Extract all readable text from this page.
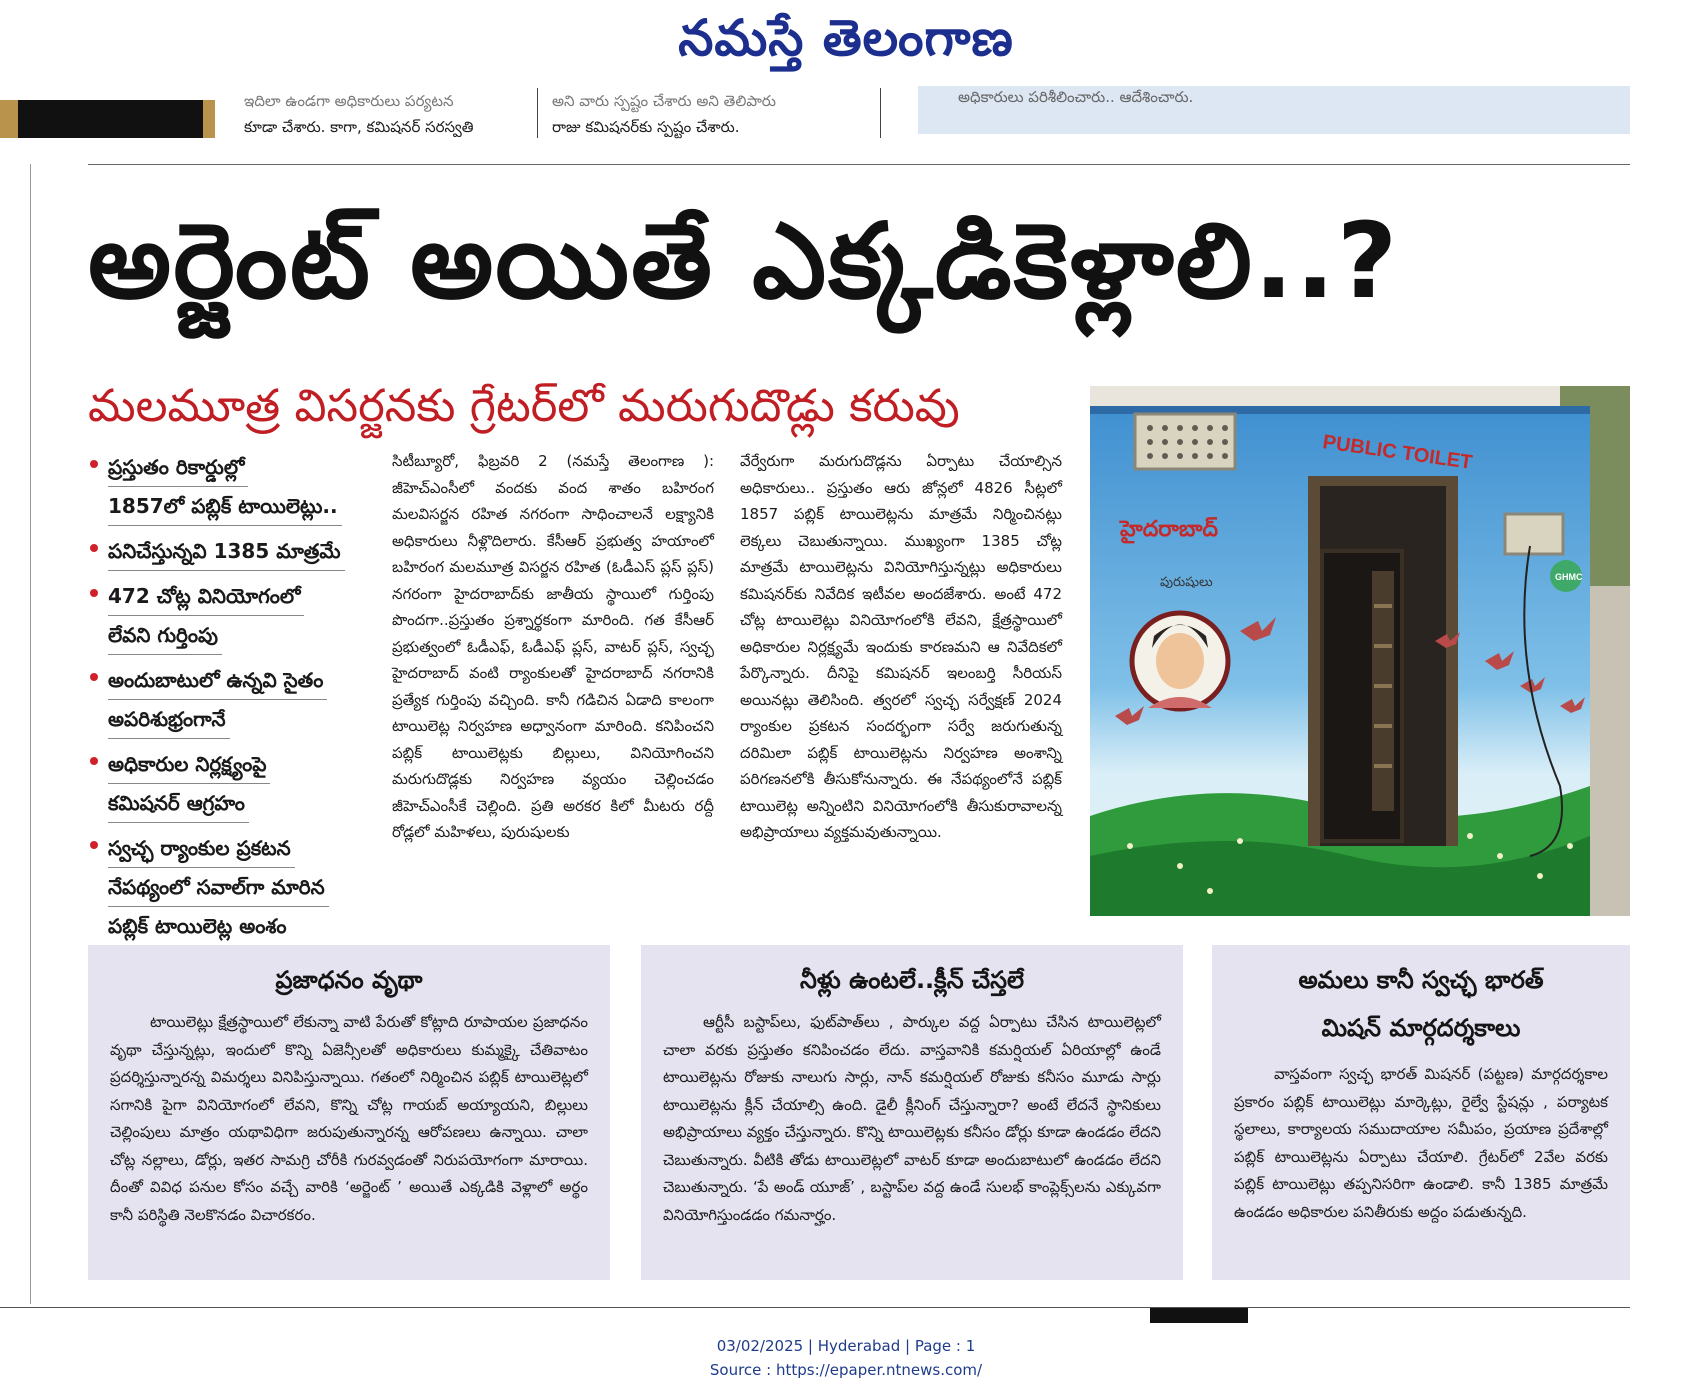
నమస్తే తెలంగాణ
ఇదిలా ఉండగా అధికారులు పర్యటన
కూడా చేశారు. కాగా, కమిషనర్ సరస్వతి
అని వారు స్పష్టం చేశారు అని తెలిపారు
రాజు కమిషనర్‌కు స్పష్టం చేశారు.
అధికారులు పరిశీలించారు.. ఆదేశించారు.
అర్జెంట్ అయితే ఎక్కడికెళ్లాలి..?
మలమూత్ర విసర్జనకు గ్రేటర్‌లో మరుగుదొడ్లు కరువు
ప్రస్తుతం రికార్డుల్లో
1857లో పబ్లిక్ టాయిలెట్లు..
పనిచేస్తున్నవి 1385 మాత్రమే
472 చోట్ల వినియోగంలో
లేవని గుర్తింపు
అందుబాటులో ఉన్నవి సైతం
అపరిశుభ్రంగానే
అధికారుల నిర్లక్ష్యంపై
కమిషనర్ ఆగ్రహం
స్వచ్ఛ ర్యాంకుల ప్రకటన
నేపథ్యంలో సవాల్‌గా మారిన
పబ్లిక్ టాయిలెట్ల అంశం
సిటీబ్యూరో, ఫిబ్రవరి 2 (నమస్తే తెలంగాణ ): జీహెచ్‌ఎంసీలో వందకు వంద శాతం బహిరంగ మలవిసర్జన రహిత నగరంగా సాధించాలనే లక్ష్యానికి అధికారులు నీళ్లొదిలారు. కేసీఆర్ ప్రభుత్వ హయాంలో బహిరంగ మలమూత్ర విసర్జన రహిత (ఓడీఎస్ ప్లస్ ప్లస్) నగరంగా హైదరాబాద్‌కు జాతీయ స్థాయిలో గుర్తింపు పొందగా..ప్రస్తుతం ప్రశ్నార్థకంగా మారింది. గత కేసీఆర్ ప్రభుత్వంలో ఓడీఎఫ్, ఓడీఎఫ్ ప్లస్, వాటర్ ప్లస్, స్వచ్ఛ హైదరాబాద్ వంటి ర్యాంకులతో హైదరాబాద్ నగరానికి ప్రత్యేక గుర్తింపు వచ్చింది. కానీ గడిచిన ఏడాది కాలంగా టాయిలెట్ల నిర్వహణ అధ్వానంగా మారింది. కనిపించని పబ్లిక్ టాయిలెట్లకు బిల్లులు, వినియోగించని మరుగుదొడ్లకు నిర్వహణ వ్యయం చెల్లించడం జీహెచ్‌ఎంసీకే చెల్లింది. ప్రతి అరకర కిలో మీటరు రద్దీ రోడ్లలో మహిళలు, పురుషులకు
వేర్వేరుగా మరుగుదొడ్లను ఏర్పాటు చేయాల్సిన అధికారులు.. ప్రస్తుతం ఆరు జోన్లలో 4826 సీట్లలో 1857 పబ్లిక్ టాయిలెట్లను మాత్రమే నిర్మించినట్లు లెక్కలు చెబుతున్నాయి. ముఖ్యంగా 1385 చోట్ల మాత్రమే టాయిలెట్లను వినియోగిస్తున్నట్లు అధికారులు కమిషనర్‌కు నివేదిక ఇటీవల అందజేశారు. అంటే 472 చోట్ల టాయిలెట్లు వినియోగంలోకి లేవని, క్షేత్రస్థాయిలో అధికారుల నిర్లక్ష్యమే ఇందుకు కారణమని ఆ నివేదికలో పేర్కొన్నారు. దీనిపై కమిషనర్ ఇలంబర్తి సీరియస్ అయినట్లు తెలిసింది. త్వరలో స్వచ్ఛ సర్వేక్షణ్ 2024 ర్యాంకుల ప్రకటన సందర్భంగా సర్వే జరుగుతున్న దరిమిలా పబ్లిక్ టాయిలెట్లను నిర్వహణ అంశాన్ని పరిగణనలోకి తీసుకోనున్నారు. ఈ నేపథ్యంలోనే పబ్లిక్ టాయిలెట్ల అన్నింటిని వినియోగంలోకి తీసుకురావాలన్న అభిప్రాయాలు వ్యక్తమవుతున్నాయి.
PUBLIC TOILET
హైదరాబాద్
పురుషులు	GHMC
ప్రజాధనం వృథా
టాయిలెట్లు క్షేత్రస్థాయిలో లేకున్నా వాటి పేరుతో కోట్లాది రూపాయల ప్రజాధనం వృథా చేస్తున్నట్లు, ఇందులో కొన్ని ఏజెన్సీలతో అధికారులు కుమ్మక్కై చేతివాటం ప్రదర్శిస్తున్నారన్న విమర్శలు వినిపిస్తున్నాయి. గతంలో నిర్మించిన పబ్లిక్ టాయిలెట్లలో సగానికి పైగా వినియోగంలో లేవని, కొన్ని చోట్ల గాయబ్ అయ్యాయని, బిల్లులు చెల్లింపులు మాత్రం యథావిధిగా జరుపుతున్నారన్న ఆరోపణలు ఉన్నాయి. చాలా చోట్ల నల్లాలు, డోర్లు, ఇతర సామగ్రి చోరీకి గురవ్వడంతో నిరుపయోగంగా మారాయి. దీంతో వివిధ పనుల కోసం వచ్చే వారికి ‘అర్జెంట్ ’ అయితే ఎక్కడికి వెళ్లాలో అర్థం కానీ పరిస్థితి నెలకొనడం విచారకరం.
నీళ్లు ఉంటలే..క్లీన్ చేస్తలే
ఆర్టీసీ బస్టాప్‌లు, ఫుట్‌పాత్‌లు , పార్కుల వద్ద ఏర్పాటు చేసిన టాయిలెట్లలో చాలా వరకు ప్రస్తుతం కనిపించడం లేదు. వాస్తవానికి కమర్షియల్ ఏరియాల్లో ఉండే టాయిలెట్లను రోజుకు నాలుగు సార్లు, నాన్ కమర్షియల్ రోజుకు కనీసం మూడు సార్లు టాయిలెట్లను క్లీన్ చేయాల్సి ఉంది. డైలీ క్లీనింగ్ చేస్తున్నారా? అంటే లేదనే స్థానికులు అభిప్రాయాలు వ్యక్తం చేస్తున్నారు. కొన్ని టాయిలెట్లకు కనీసం డోర్లు కూడా ఉండడం లేదని చెబుతున్నారు. వీటికి తోడు టాయిలెట్లలో వాటర్ కూడా అందుబాటులో ఉండడం లేదని చెబుతున్నారు. ‘పే అండ్ యూజ్’ , బస్టాప్‌ల వద్ద ఉండే సులభ్ కాంప్లెక్స్‌లను ఎక్కువగా వినియోగిస్తుండడం గమనార్హం.
అమలు కానీ స్వచ్ఛ భారత్
మిషన్ మార్గదర్శకాలు
వాస్తవంగా స్వచ్ఛ భారత్ మిషనర్ (పట్టణ) మార్గదర్శకాల ప్రకారం పబ్లిక్ టాయిలెట్లు మార్కెట్లు, రైల్వే స్టేషన్లు , పర్యాటక స్థలాలు, కార్యాలయ సముదాయాల సమీపం, ప్రయాణ ప్రదేశాల్లో పబ్లిక్ టాయిలెట్లను ఏర్పాటు చేయాలి. గ్రేటర్‌లో 2వేల వరకు పబ్లిక్ టాయిలెట్లు తప్పనిసరిగా ఉండాలి. కానీ 1385 మాత్రమే ఉండడం అధికారుల పనితీరుకు అద్దం పడుతున్నది.
03/02/2025 | Hyderabad | Page : 1
Source : https://epaper.ntnews.com/
